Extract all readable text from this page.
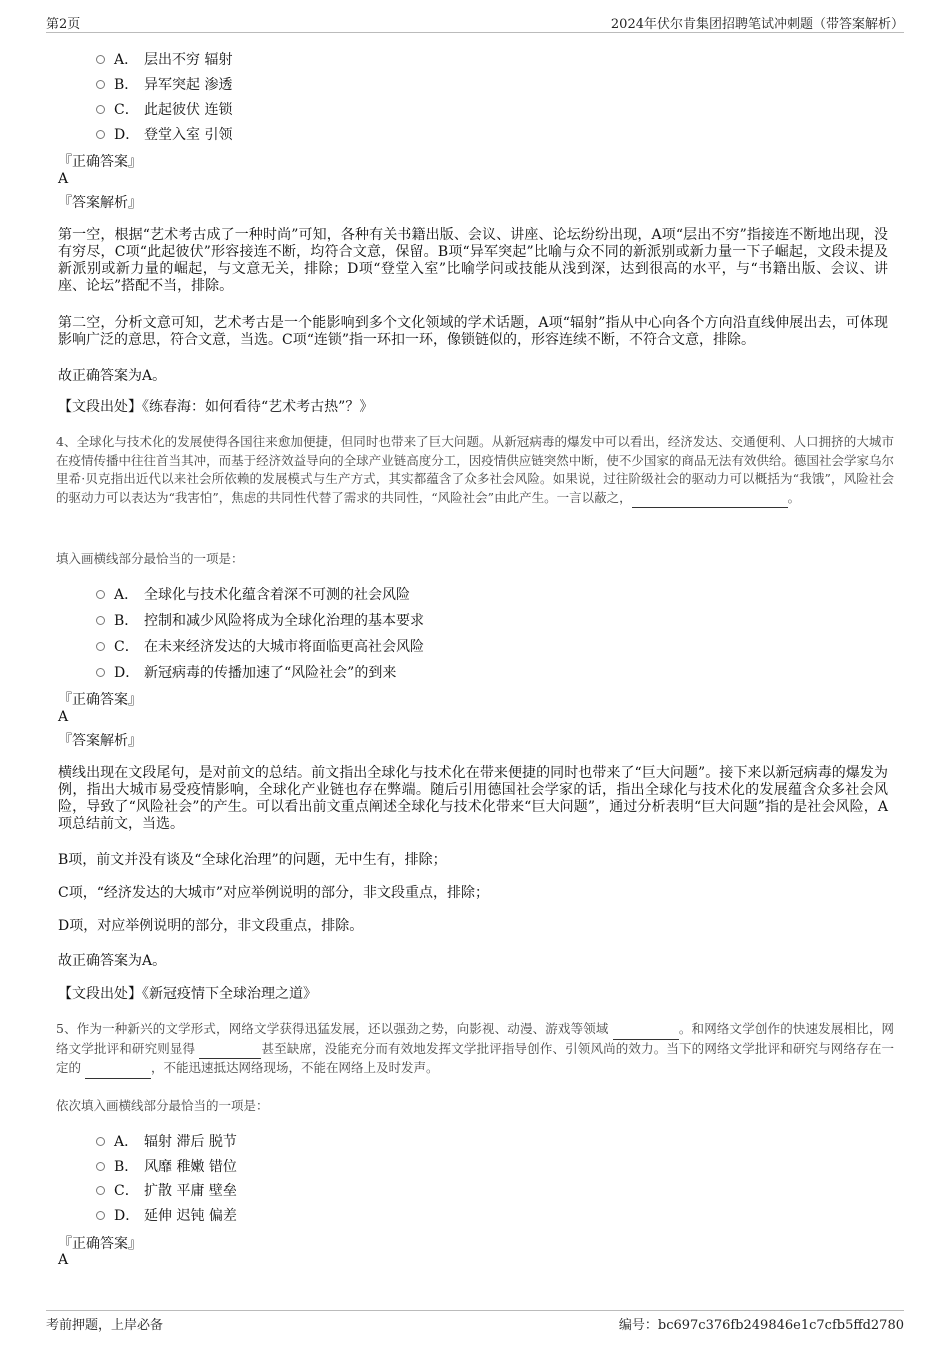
第2页	2024年伏尔肯集团招聘笔试冲刺题（带答案解析）
A． 层出不穷 辐射
B． 异军突起 渗透
C． 此起彼伏 连锁
D． 登堂入室 引领
『正确答案』
A
『答案解析』
第一空，根据“艺术考古成了一种时尚”可知，各种有关书籍出版、会议、讲座、论坛纷纷出现，A项“层出不穷”指接连不断地出现，没有穷尽，C项“此起彼伏”形容接连不断，均符合文意，保留。B项“异军突起”比喻与众不同的新派别或新力量一下子崛起，文段未提及新派别或新力量的崛起，与文意无关，排除；D项“登堂入室”比喻学问或技能从浅到深，达到很高的水平，与“书籍出版、会议、讲座、论坛”搭配不当，排除。
第二空，分析文意可知，艺术考古是一个能影响到多个文化领域的学术话题，A项“辐射”指从中心向各个方向沿直线伸展出去，可体现影响广泛的意思，符合文意，当选。C项“连锁”指一环扣一环，像锁链似的，形容连续不断，不符合文意，排除。
故正确答案为A。
【文段出处】《练春海：如何看待“艺术考古热”？》
4、全球化与技术化的发展使得各国往来愈加便捷，但同时也带来了巨大问题。从新冠病毒的爆发中可以看出，经济发达、交通便利、人口拥挤的大城市在疫情传播中往往首当其冲，而基于经济效益导向的全球产业链高度分工，因疫情供应链突然中断，使不少国家的商品无法有效供给。德国社会学家乌尔里希·贝克指出近代以来社会所依赖的发展模式与生产方式，其实都蕴含了众多社会风险。如果说，过往阶级社会的驱动力可以概括为“我饿”，风险社会的驱动力可以表达为“我害怕”，焦虑的共同性代替了需求的共同性，“风险社会”由此产生。一言以蔽之，	。
填入画横线部分最恰当的一项是：
A． 全球化与技术化蕴含着深不可测的社会风险
B． 控制和减少风险将成为全球化治理的基本要求
C． 在未来经济发达的大城市将面临更高社会风险
D． 新冠病毒的传播加速了“风险社会”的到来
『正确答案』
A
『答案解析』
横线出现在文段尾句，是对前文的总结。前文指出全球化与技术化在带来便捷的同时也带来了“巨大问题”。接下来以新冠病毒的爆发为例，指出大城市易受疫情影响，全球化产业链也存在弊端。随后引用德国社会学家的话，指出全球化与技术化的发展蕴含众多社会风险，导致了“风险社会”的产生。可以看出前文重点阐述全球化与技术化带来“巨大问题”，通过分析表明“巨大问题”指的是社会风险，A项总结前文，当选。
B项，前文并没有谈及“全球化治理”的问题，无中生有，排除；
C项，“经济发达的大城市”对应举例说明的部分，非文段重点，排除；
D项，对应举例说明的部分，非文段重点，排除。
故正确答案为A。
【文段出处】《新冠疫情下全球治理之道》
5、作为一种新兴的文学形式，网络文学获得迅猛发展，还以强劲之势，向影视、动漫、游戏等领域	。和网络文学创作的快速发展相比，网络文学批评和研究则显得	甚至缺席，没能充分而有效地发挥文学批评指导创作、引领风尚的效力。当下的网络文学批评和研究与网络存在一定的	，不能迅速抵达网络现场，不能在网络上及时发声。
依次填入画横线部分最恰当的一项是：
A． 辐射 滞后 脱节
B． 风靡 稚嫩 错位
C． 扩散 平庸 壁垒
D． 延伸 迟钝 偏差
『正确答案』
A
考前押题，上岸必备	编号：bc697c376fb249846e1c7cfb5ffd2780
